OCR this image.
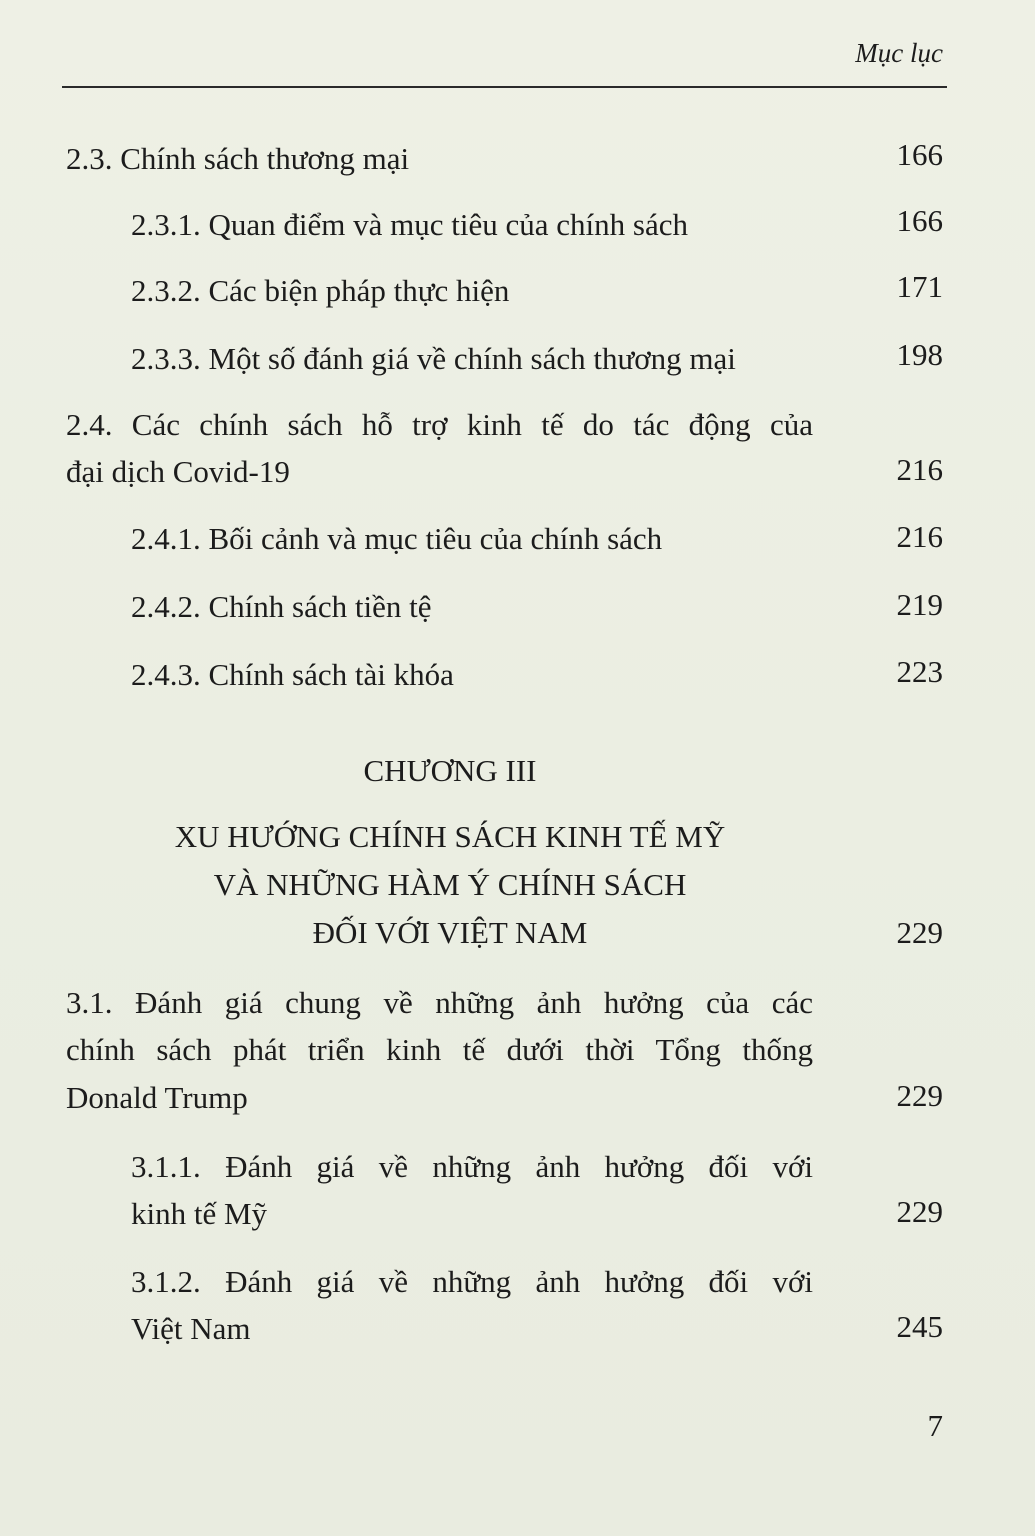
Mục lục
2.3. Chính sách thương mại	166
2.3.1. Quan điểm và mục tiêu của chính sách	166
2.3.2. Các biện pháp thực hiện	171
2.3.3. Một số đánh giá về chính sách thương mại	198
2.4. Các chính sách hỗ trợ kinh tế do tác động của
đại dịch Covid-19	216
2.4.1. Bối cảnh và mục tiêu của chính sách	216
2.4.2. Chính sách tiền tệ	219
2.4.3. Chính sách tài khóa	223
CHƯƠNG III
XU HƯỚNG CHÍNH SÁCH KINH TẾ MỸ
VÀ NHỮNG HÀM Ý CHÍNH SÁCH
ĐỐI VỚI VIỆT NAM	229
3.1. Đánh giá chung về những ảnh hưởng của các
chính sách phát triển kinh tế dưới thời Tổng thống
Donald Trump	229
3.1.1. Đánh giá về những ảnh hưởng đối với
kinh tế Mỹ	229
3.1.2. Đánh giá về những ảnh hưởng đối với
Việt Nam	245
7
